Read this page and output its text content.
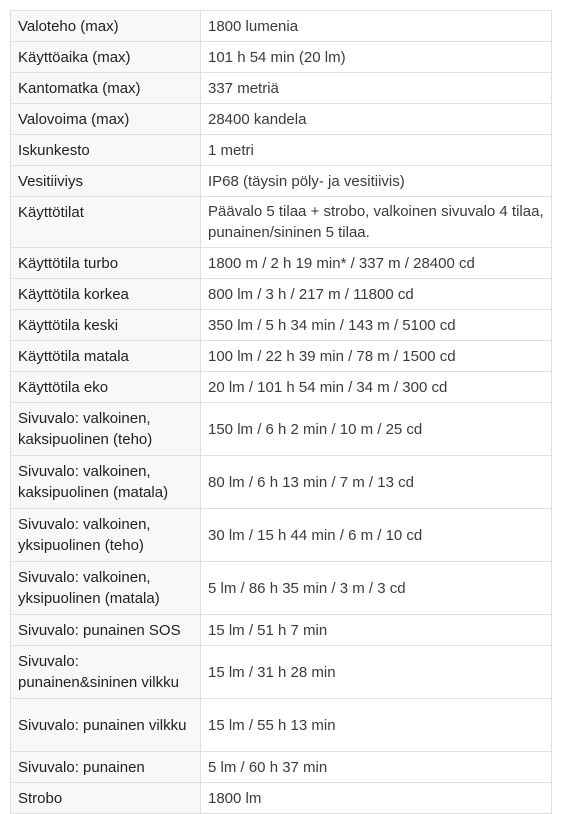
Valoteho (max)	1800 lumenia
Käyttöaika (max)	101 h 54 min (20 lm)
Kantomatka (max)	337 metriä
Valovoima (max)	28400 kandela
Iskunkesto	1 metri
Vesitiiviys	IP68 (täysin pöly- ja vesitiivis)
Käyttötilat	Päävalo 5 tilaa + strobo, valkoinen sivuvalo 4 tilaa, punainen/sininen 5 tilaa.
Käyttötila turbo	1800 m / 2 h 19 min* / 337 m / 28400 cd
Käyttötila korkea	800 lm / 3 h / 217 m / 11800 cd
Käyttötila keski	350 lm / 5 h 34 min / 143 m / 5100 cd
Käyttötila matala	100 lm / 22 h 39 min / 78 m / 1500 cd
Käyttötila eko	20 lm / 101 h 54 min / 34 m / 300 cd
Sivuvalo: valkoinen, kaksipuolinen (teho)	150 lm / 6 h 2 min / 10 m / 25 cd
Sivuvalo: valkoinen, kaksipuolinen (matala)	80 lm / 6 h 13 min / 7 m / 13 cd
Sivuvalo: valkoinen, yksipuolinen (teho)	30 lm / 15 h 44 min / 6 m / 10 cd
Sivuvalo: valkoinen, yksipuolinen (matala)	5 lm / 86 h 35 min / 3 m / 3 cd
Sivuvalo: punainen SOS	15 lm / 51 h 7 min
Sivuvalo: punainen&sininen vilkku	15 lm / 31 h 28 min
Sivuvalo: punainen vilkku	15 lm / 55 h 13 min
Sivuvalo: punainen	5 lm / 60 h 37 min
Strobo	1800 lm
